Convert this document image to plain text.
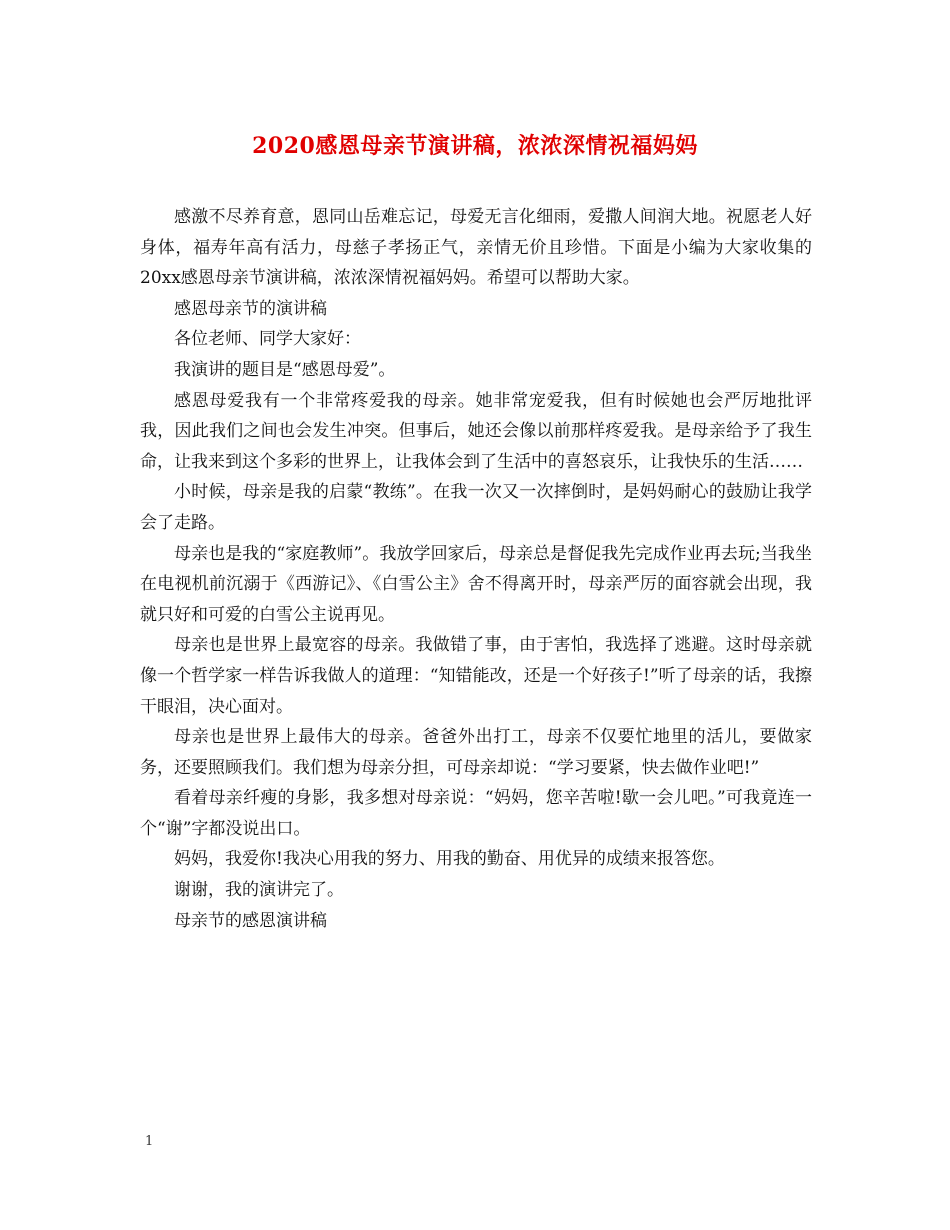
2020感恩母亲节演讲稿，浓浓深情祝福妈妈

感激不尽养育意，恩同山岳难忘记，母爱无言化细雨，爱撒人间润大地。祝愿老人好身体，福寿年高有活力，母慈子孝扬正气，亲情无价且珍惜。下面是小编为大家收集的20xx感恩母亲节演讲稿，浓浓深情祝福妈妈。希望可以帮助大家。

感恩母亲节的演讲稿

各位老师、同学大家好：

我演讲的题目是“感恩母爱”。

感恩母爱我有一个非常疼爱我的母亲。她非常宠爱我，但有时候她也会严厉地批评我，因此我们之间也会发生冲突。但事后，她还会像以前那样疼爱我。是母亲给予了我生命，让我来到这个多彩的世界上，让我体会到了生活中的喜怒哀乐，让我快乐的生活……

小时候，母亲是我的启蒙“教练”。在我一次又一次摔倒时，是妈妈耐心的鼓励让我学会了走路。

母亲也是我的“家庭教师”。我放学回家后，母亲总是督促我先完成作业再去玩;当我坐在电视机前沉溺于《西游记》、《白雪公主》舍不得离开时，母亲严厉的面容就会出现，我就只好和可爱的白雪公主说再见。

母亲也是世界上最宽容的母亲。我做错了事，由于害怕，我选择了逃避。这时母亲就像一个哲学家一样告诉我做人的道理：“知错能改，还是一个好孩子!”听了母亲的话，我擦干眼泪，决心面对。

母亲也是世界上最伟大的母亲。爸爸外出打工，母亲不仅要忙地里的活儿，要做家务，还要照顾我们。我们想为母亲分担，可母亲却说：“学习要紧，快去做作业吧!”

看着母亲纤瘦的身影，我多想对母亲说：“妈妈，您辛苦啦!歇一会儿吧。”可我竟连一个“谢”字都没说出口。

妈妈，我爱你!我决心用我的努力、用我的勤奋、用优异的成绩来报答您。

谢谢，我的演讲完了。

母亲节的感恩演讲稿

1
